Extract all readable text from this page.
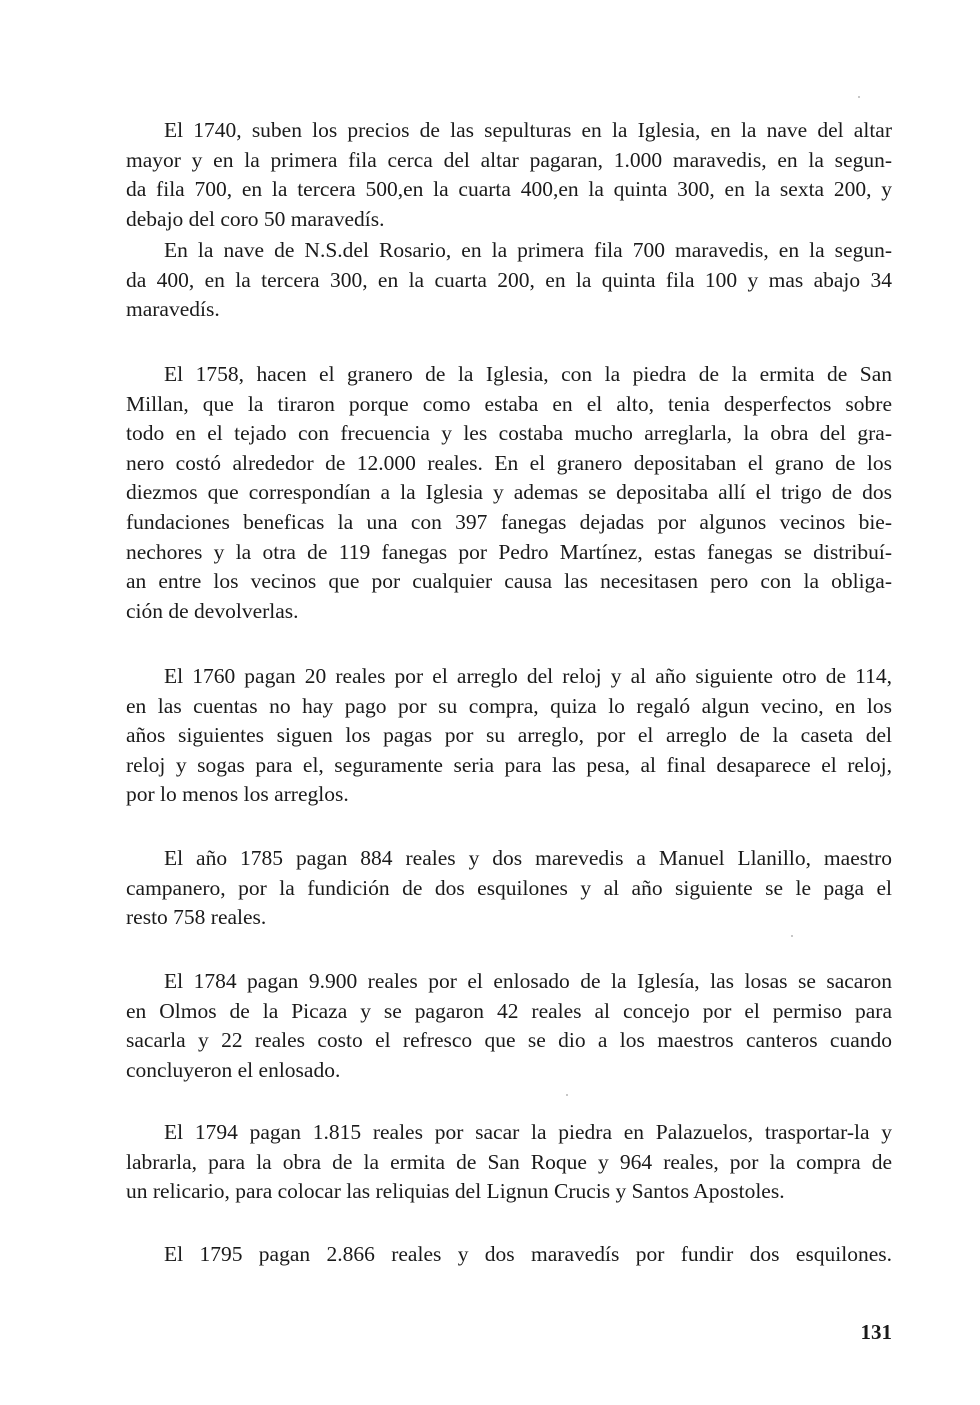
El 1740, suben los precios de las sepulturas en la Iglesia, en la nave del altar
mayor y en la primera fila cerca del altar pagaran, 1.000 maravedis, en la segun-
da fila 700, en la tercera 500,en la cuarta 400,en la quinta 300, en la sexta 200, y
debajo del coro 50 maravedís.

En la nave de N.S.del Rosario, en la primera fila 700 maravedis, en la segun-
da 400, en la tercera 300, en la cuarta 200, en la quinta fila 100 y mas abajo 34
maravedís.

El 1758, hacen el granero de la Iglesia, con la piedra de la ermita de San
Millan, que la tiraron porque como estaba en el alto, tenia desperfectos sobre
todo en el tejado con frecuencia y les costaba mucho arreglarla, la obra del gra-
nero costó alrededor de 12.000 reales. En el granero depositaban el grano de los
diezmos que correspondían a la Iglesia y ademas se depositaba allí el trigo de dos
fundaciones beneficas la una con 397 fanegas dejadas por algunos vecinos bie-
nechores y la otra de 119 fanegas por Pedro Martínez, estas fanegas se distribuí-
an entre los vecinos que por cualquier causa las necesitasen pero con la obliga-
ción de devolverlas.

El 1760 pagan 20 reales por el arreglo del reloj y al año siguiente otro de 114,
en las cuentas no hay pago por su compra, quiza lo regaló algun vecino, en los
años siguientes siguen los pagas por su arreglo, por el arreglo de la caseta del
reloj y sogas para el, seguramente seria para las pesa, al final desaparece el reloj,
por lo menos los arreglos.

El año 1785 pagan 884 reales y dos marevedis a Manuel Llanillo, maestro
campanero, por la fundición de dos esquilones y al año siguiente se le paga el
resto 758 reales.

El 1784 pagan 9.900 reales por el enlosado de la Iglesía, las losas se sacaron
en Olmos de la Picaza y se pagaron 42 reales al concejo por el permiso para
sacarla y 22 reales costo el refresco que se dio a los maestros canteros cuando
concluyeron el enlosado.

El 1794 pagan 1.815 reales por sacar la piedra en Palazuelos, trasportar-la y
labrarla, para la obra de la ermita de San Roque y 964 reales, por la compra de
un relicario, para colocar las reliquias del Lignun Crucis y Santos Apostoles.

El 1795 pagan 2.866 reales y dos maravedís por fundir dos esquilones.

131
